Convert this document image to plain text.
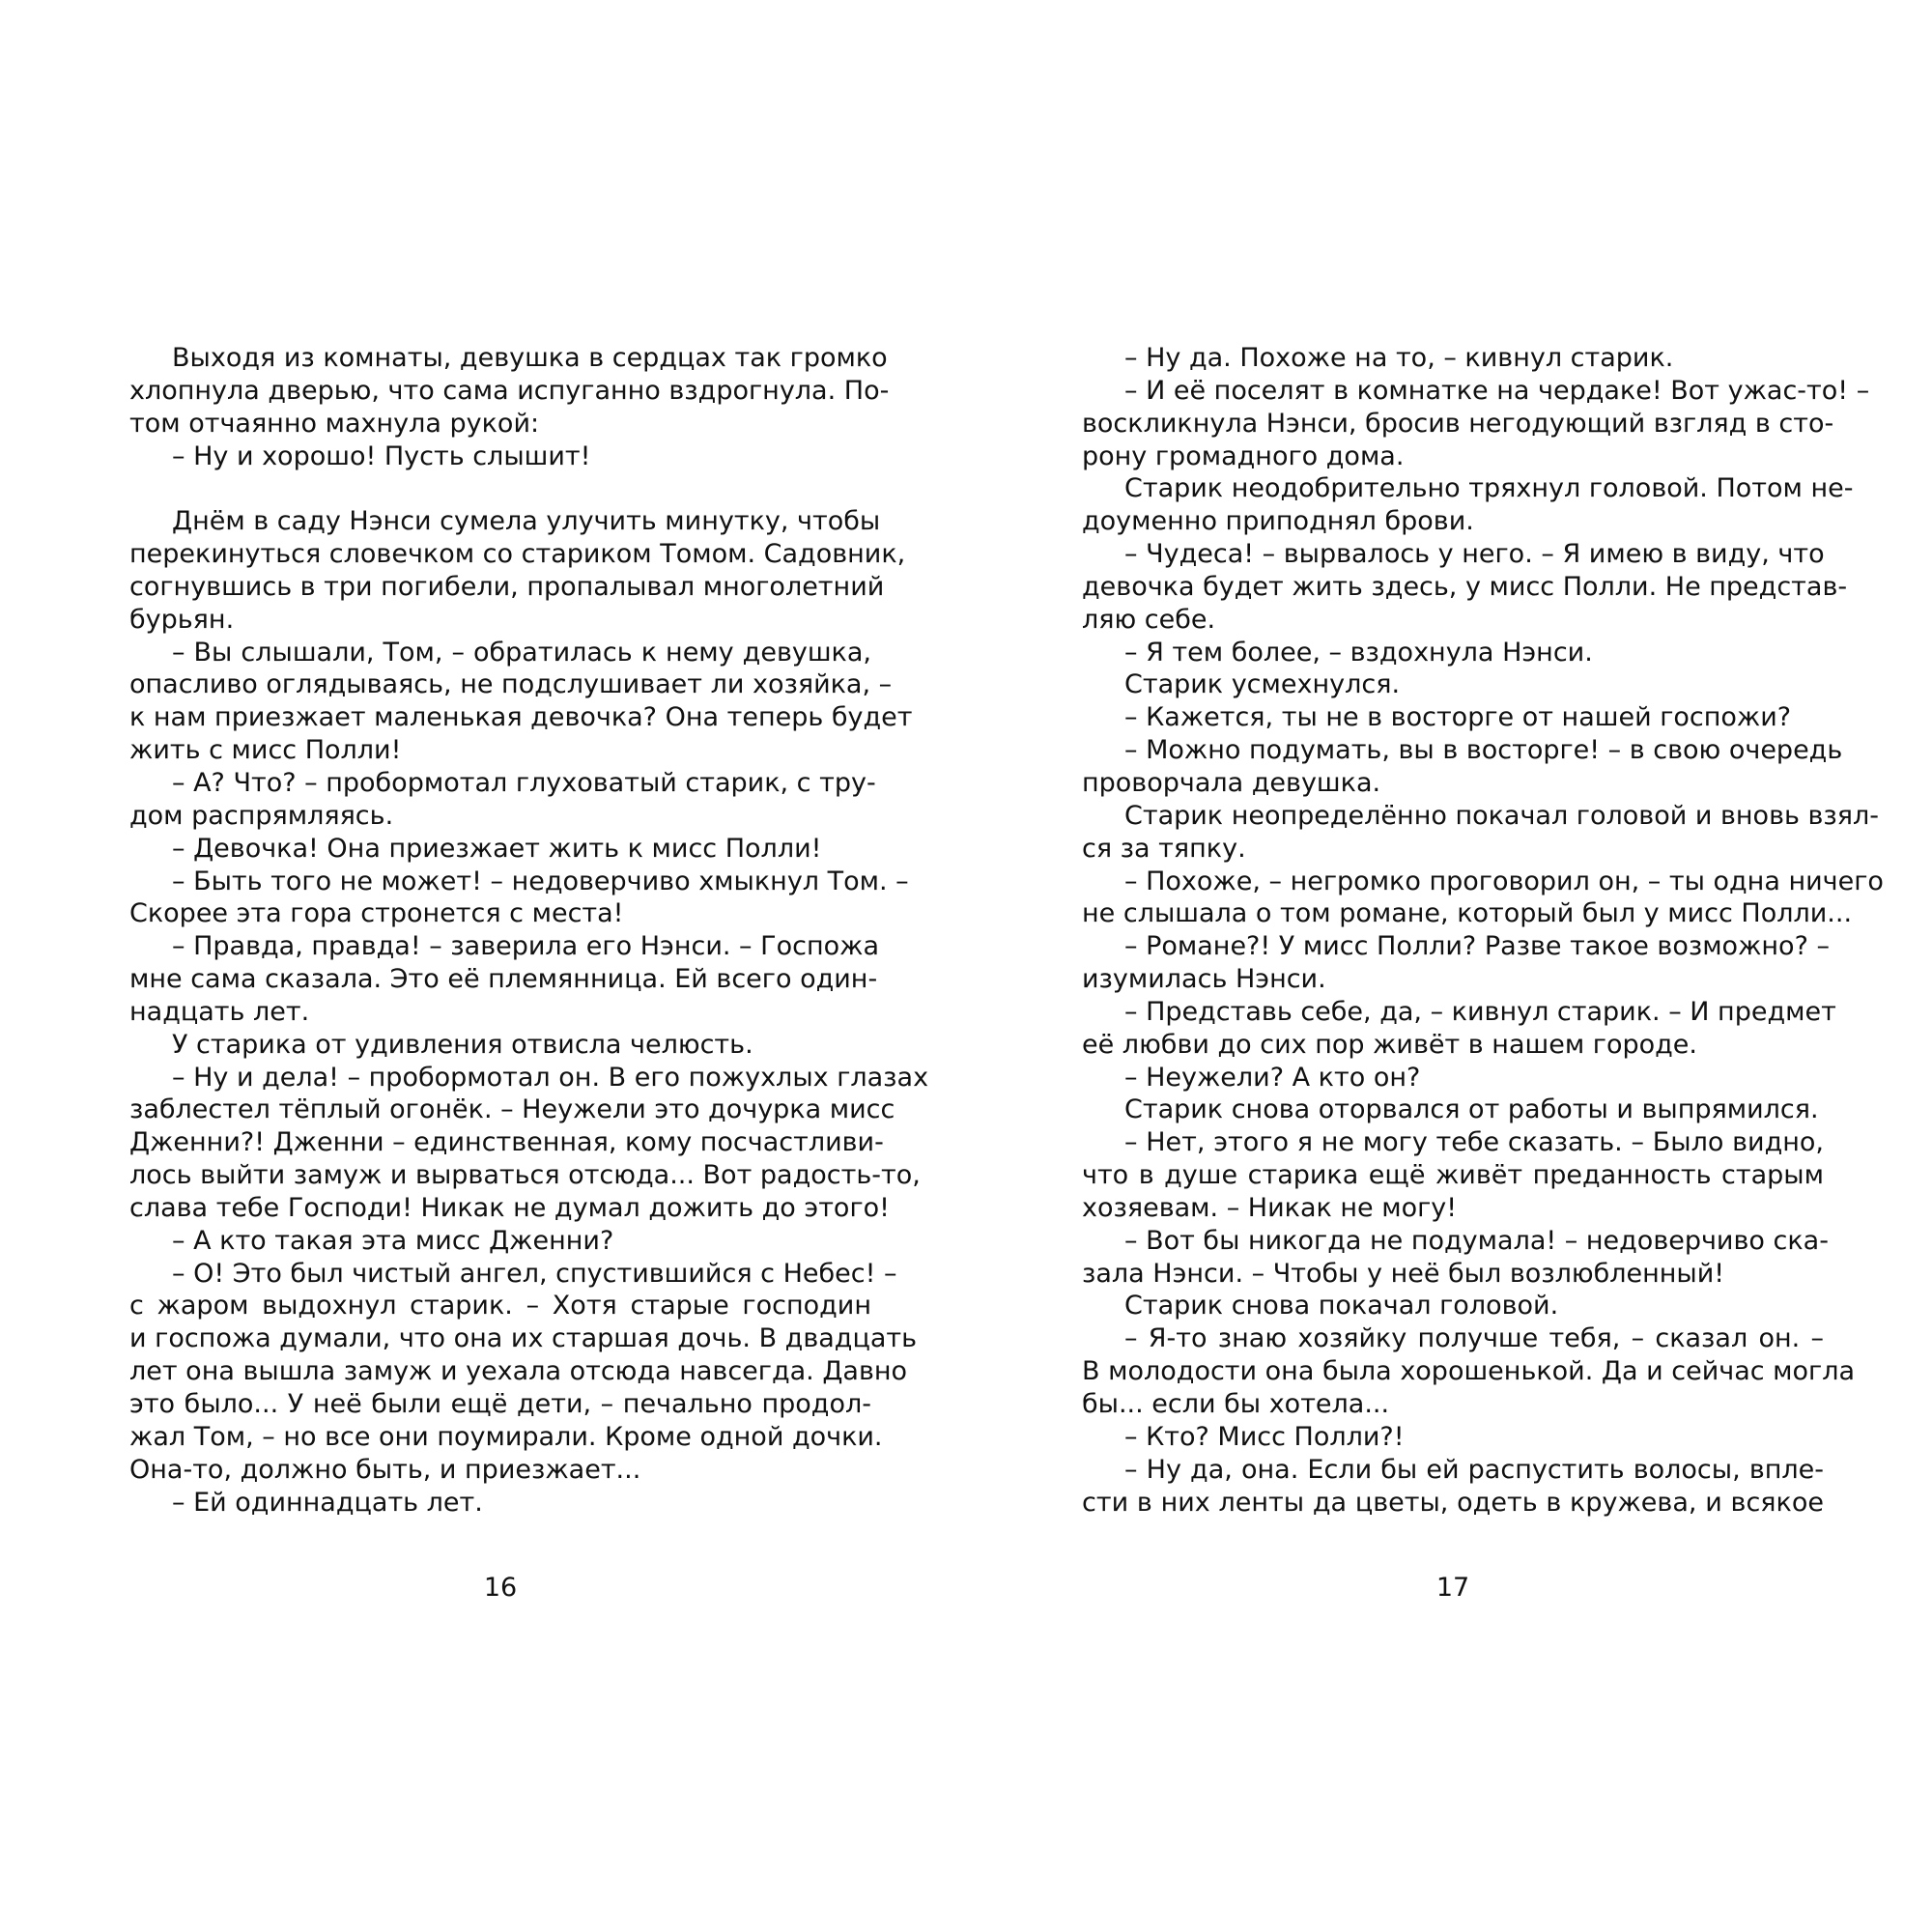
Выходя из комнаты, девушка в сердцах так громко
хлопнула дверью, что сама испуганно вздрогнула. По-
том отчаянно махнула рукой:
– Ну и хорошо! Пусть слышит!
Днём в саду Нэнси сумела улучить минутку, чтобы
перекинуться словечком со стариком Томом. Садовник,
согнувшись в три погибели, пропалывал многолетний
бурьян.
– Вы слышали, Том, – обратилась к нему девушка,
опасливо оглядываясь, не подслушивает ли хозяйка, –
к нам приезжает маленькая девочка? Она теперь будет
жить с мисс Полли!
– А? Что? – пробормотал глуховатый старик, с тру-
дом распрямляясь.
– Девочка! Она приезжает жить к мисс Полли!
– Быть того не может! – недоверчиво хмыкнул Том. –
Скорее эта гора стронется с места!
– Правда, правда! – заверила его Нэнси. – Госпожа
мне сама сказала. Это её племянница. Ей всего один-
надцать лет.
У старика от удивления отвисла челюсть.
– Ну и дела! – пробормотал он. В его пожухлых глазах
заблестел тёплый огонёк. – Неужели это дочурка мисс
Дженни?! Дженни – единственная, кому посчастливи-
лось выйти замуж и вырваться отсюда... Вот радость-то,
слава тебе Господи! Никак не думал дожить до этого!
– А кто такая эта мисс Дженни?
– О! Это был чистый ангел, спустившийся с Небес! –
с жаром выдохнул старик. – Хотя старые господин
и госпожа думали, что она их старшая дочь. В двадцать
лет она вышла замуж и уехала отсюда навсегда. Давно
это было... У неё были ещё дети, – печально продол-
жал Том, – но все они поумирали. Кроме одной дочки.
Она-то, должно быть, и приезжает...
– Ей одиннадцать лет.
– Ну да. Похоже на то, – кивнул старик.
– И её поселят в комнатке на чердаке! Вот ужас-то! –
воскликнула Нэнси, бросив негодующий взгляд в сто-
рону громадного дома.
Старик неодобрительно тряхнул головой. Потом не-
доуменно приподнял брови.
– Чудеса! – вырвалось у него. – Я имею в виду, что
девочка будет жить здесь, у мисс Полли. Не представ-
ляю себе.
– Я тем более, – вздохнула Нэнси.
Старик усмехнулся.
– Кажется, ты не в восторге от нашей госпожи?
– Можно подумать, вы в восторге! – в свою очередь
проворчала девушка.
Старик неопределённо покачал головой и вновь взял-
ся за тяпку.
– Похоже, – негромко проговорил он, – ты одна ничего
не слышала о том романе, который был у мисс Полли...
– Романе?! У мисс Полли? Разве такое возможно? –
изумилась Нэнси.
– Представь себе, да, – кивнул старик. – И предмет
её любви до сих пор живёт в нашем городе.
– Неужели? А кто он?
Старик снова оторвался от работы и выпрямился.
– Нет, этого я не могу тебе сказать. – Было видно,
что в душе старика ещё живёт преданность старым
хозяевам. – Никак не могу!
– Вот бы никогда не подумала! – недоверчиво ска-
зала Нэнси. – Чтобы у неё был возлюбленный!
Старик снова покачал головой.
– Я-то знаю хозяйку получше тебя, – сказал он. –
В молодости она была хорошенькой. Да и сейчас могла
бы... если бы хотела...
– Кто? Мисс Полли?!
– Ну да, она. Если бы ей распустить волосы, впле-
сти в них ленты да цветы, одеть в кружева, и всякое
16	17
